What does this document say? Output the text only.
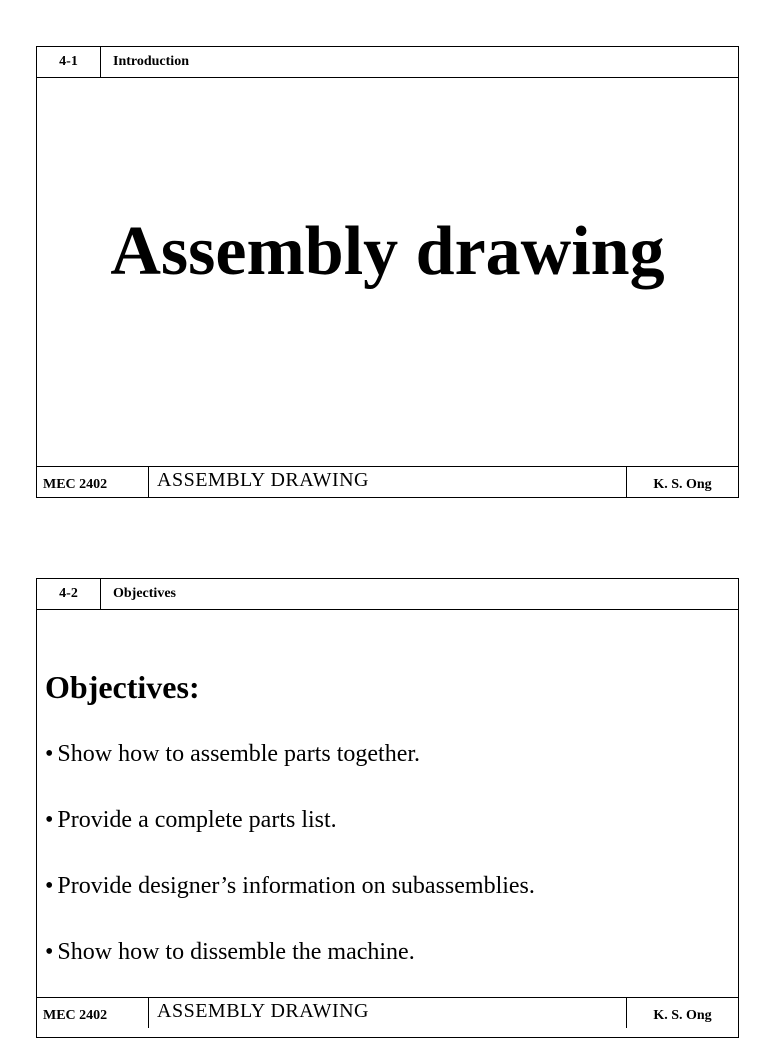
4-1	Introduction
Assembly drawing
MEC 2402	ASSEMBLY DRAWING	K. S. Ong
4-2	Objectives
Objectives:
• Show how to assemble parts together.
• Provide a complete parts list.
• Provide designer’s information on subassemblies.
• Show how to dissemble the machine.
MEC 2402	ASSEMBLY DRAWING	K. S. Ong
